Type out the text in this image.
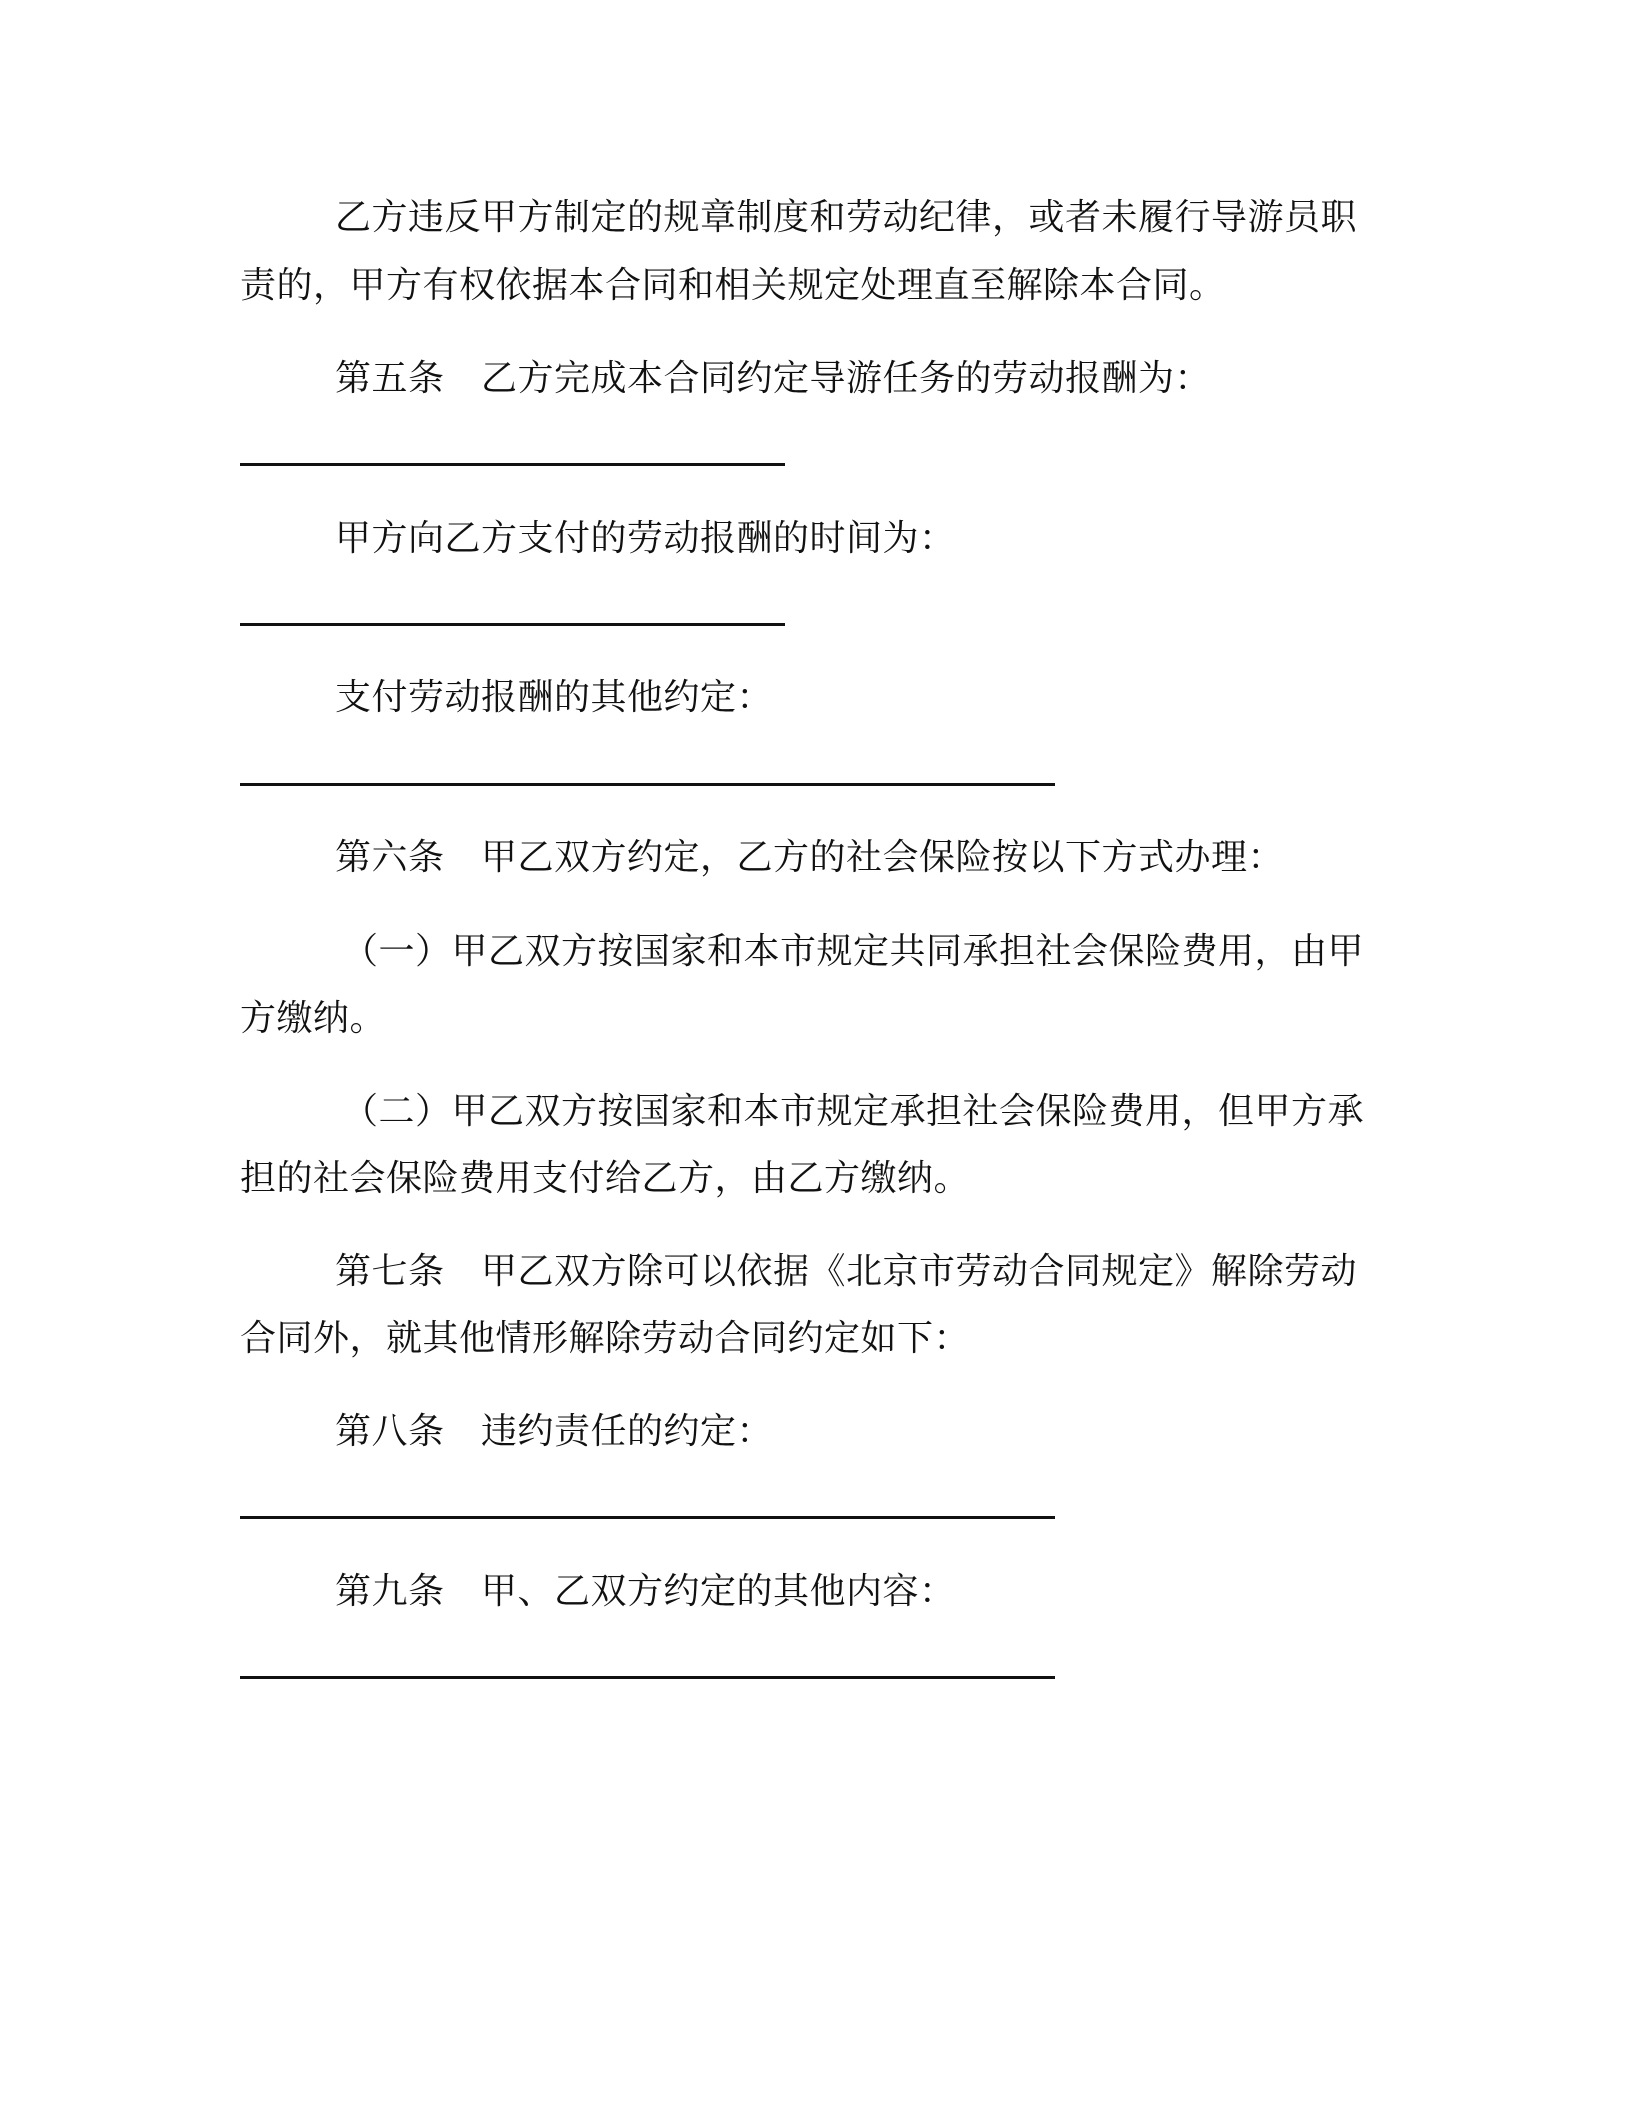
乙方违反甲方制定的规章制度和劳动纪律，或者未履行导游员职
责的，甲方有权依据本合同和相关规定处理直至解除本合同。
第五条　乙方完成本合同约定导游任务的劳动报酬为：
甲方向乙方支付的劳动报酬的时间为：
支付劳动报酬的其他约定：
第六条　甲乙双方约定，乙方的社会保险按以下方式办理：
（一）甲乙双方按国家和本市规定共同承担社会保险费用，由甲
方缴纳。
（二）甲乙双方按国家和本市规定承担社会保险费用，但甲方承
担的社会保险费用支付给乙方，由乙方缴纳。
第七条　甲乙双方除可以依据《北京市劳动合同规定》解除劳动
合同外，就其他情形解除劳动合同约定如下：
第八条　违约责任的约定：
第九条　甲、乙双方约定的其他内容：
